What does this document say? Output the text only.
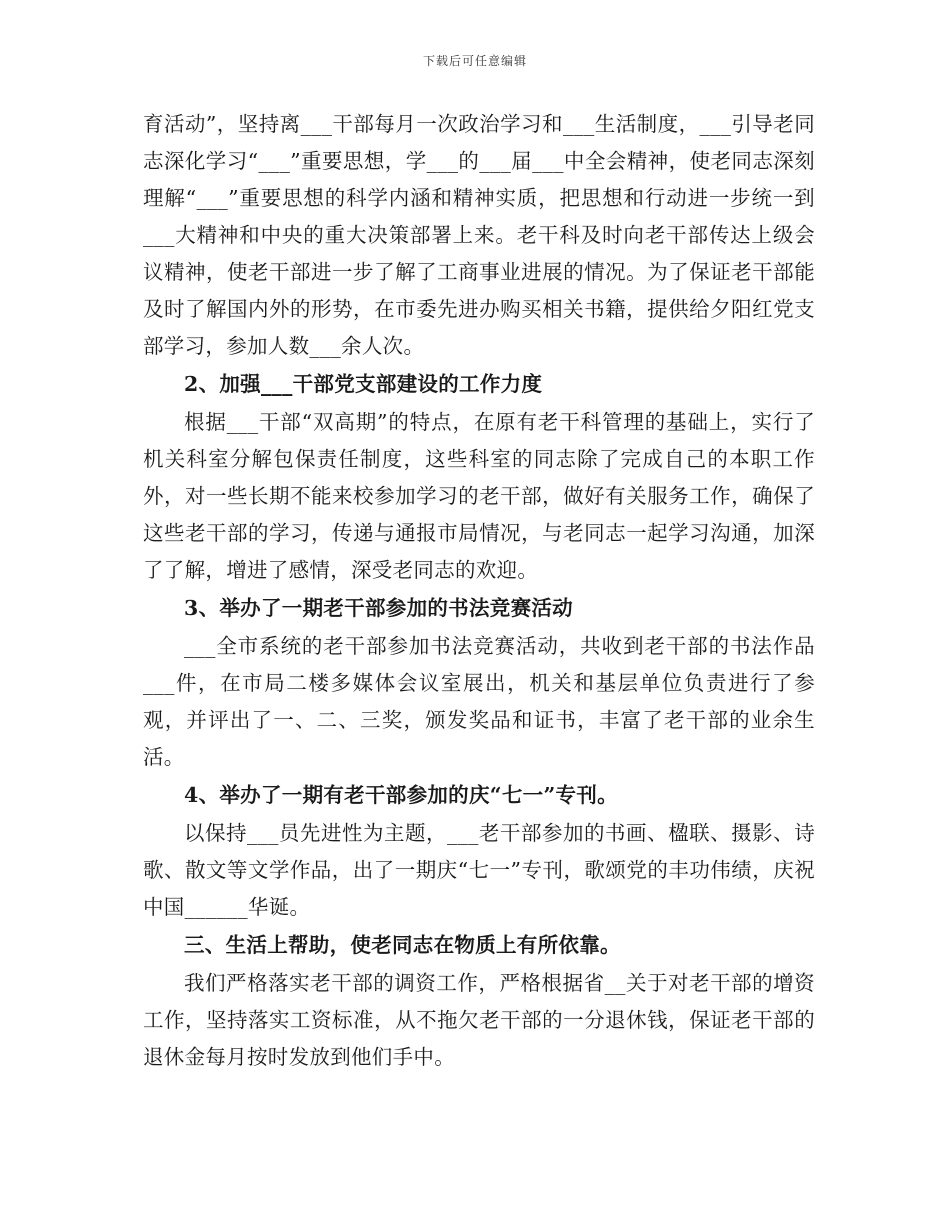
下载后可任意编辑

育活动”，坚持离___干部每月一次政治学习和___生活制度，___引导老同志深化学习“___”重要思想，学___的___届___中全会精神，使老同志深刻理解“___”重要思想的科学内涵和精神实质，把思想和行动进一步统一到___大精神和中央的重大决策部署上来。老干科及时向老干部传达上级会议精神，使老干部进一步了解了工商事业进展的情况。为了保证老干部能及时了解国内外的形势，在市委先进办购买相关书籍，提供给夕阳红党支部学习，参加人数___余人次。

2、加强___干部党支部建设的工作力度

根据___干部“双高期”的特点，在原有老干科管理的基础上，实行了机关科室分解包保责任制度，这些科室的同志除了完成自己的本职工作外，对一些长期不能来校参加学习的老干部，做好有关服务工作，确保了这些老干部的学习，传递与通报市局情况，与老同志一起学习沟通，加深了了解，增进了感情，深受老同志的欢迎。

3、举办了一期老干部参加的书法竞赛活动

___全市系统的老干部参加书法竞赛活动，共收到老干部的书法作品___件，在市局二楼多媒体会议室展出，机关和基层单位负责进行了参观，并评出了一、二、三奖，颁发奖品和证书，丰富了老干部的业余生活。

4、举办了一期有老干部参加的庆“七一”专刊。

以保持___员先进性为主题，___老干部参加的书画、楹联、摄影、诗歌、散文等文学作品，出了一期庆“七一”专刊，歌颂党的丰功伟绩，庆祝中国______华诞。

三、生活上帮助，使老同志在物质上有所依靠。

我们严格落实老干部的调资工作，严格根据省__关于对老干部的增资工作，坚持落实工资标准，从不拖欠老干部的一分退休钱，保证老干部的退休金每月按时发放到他们手中。
